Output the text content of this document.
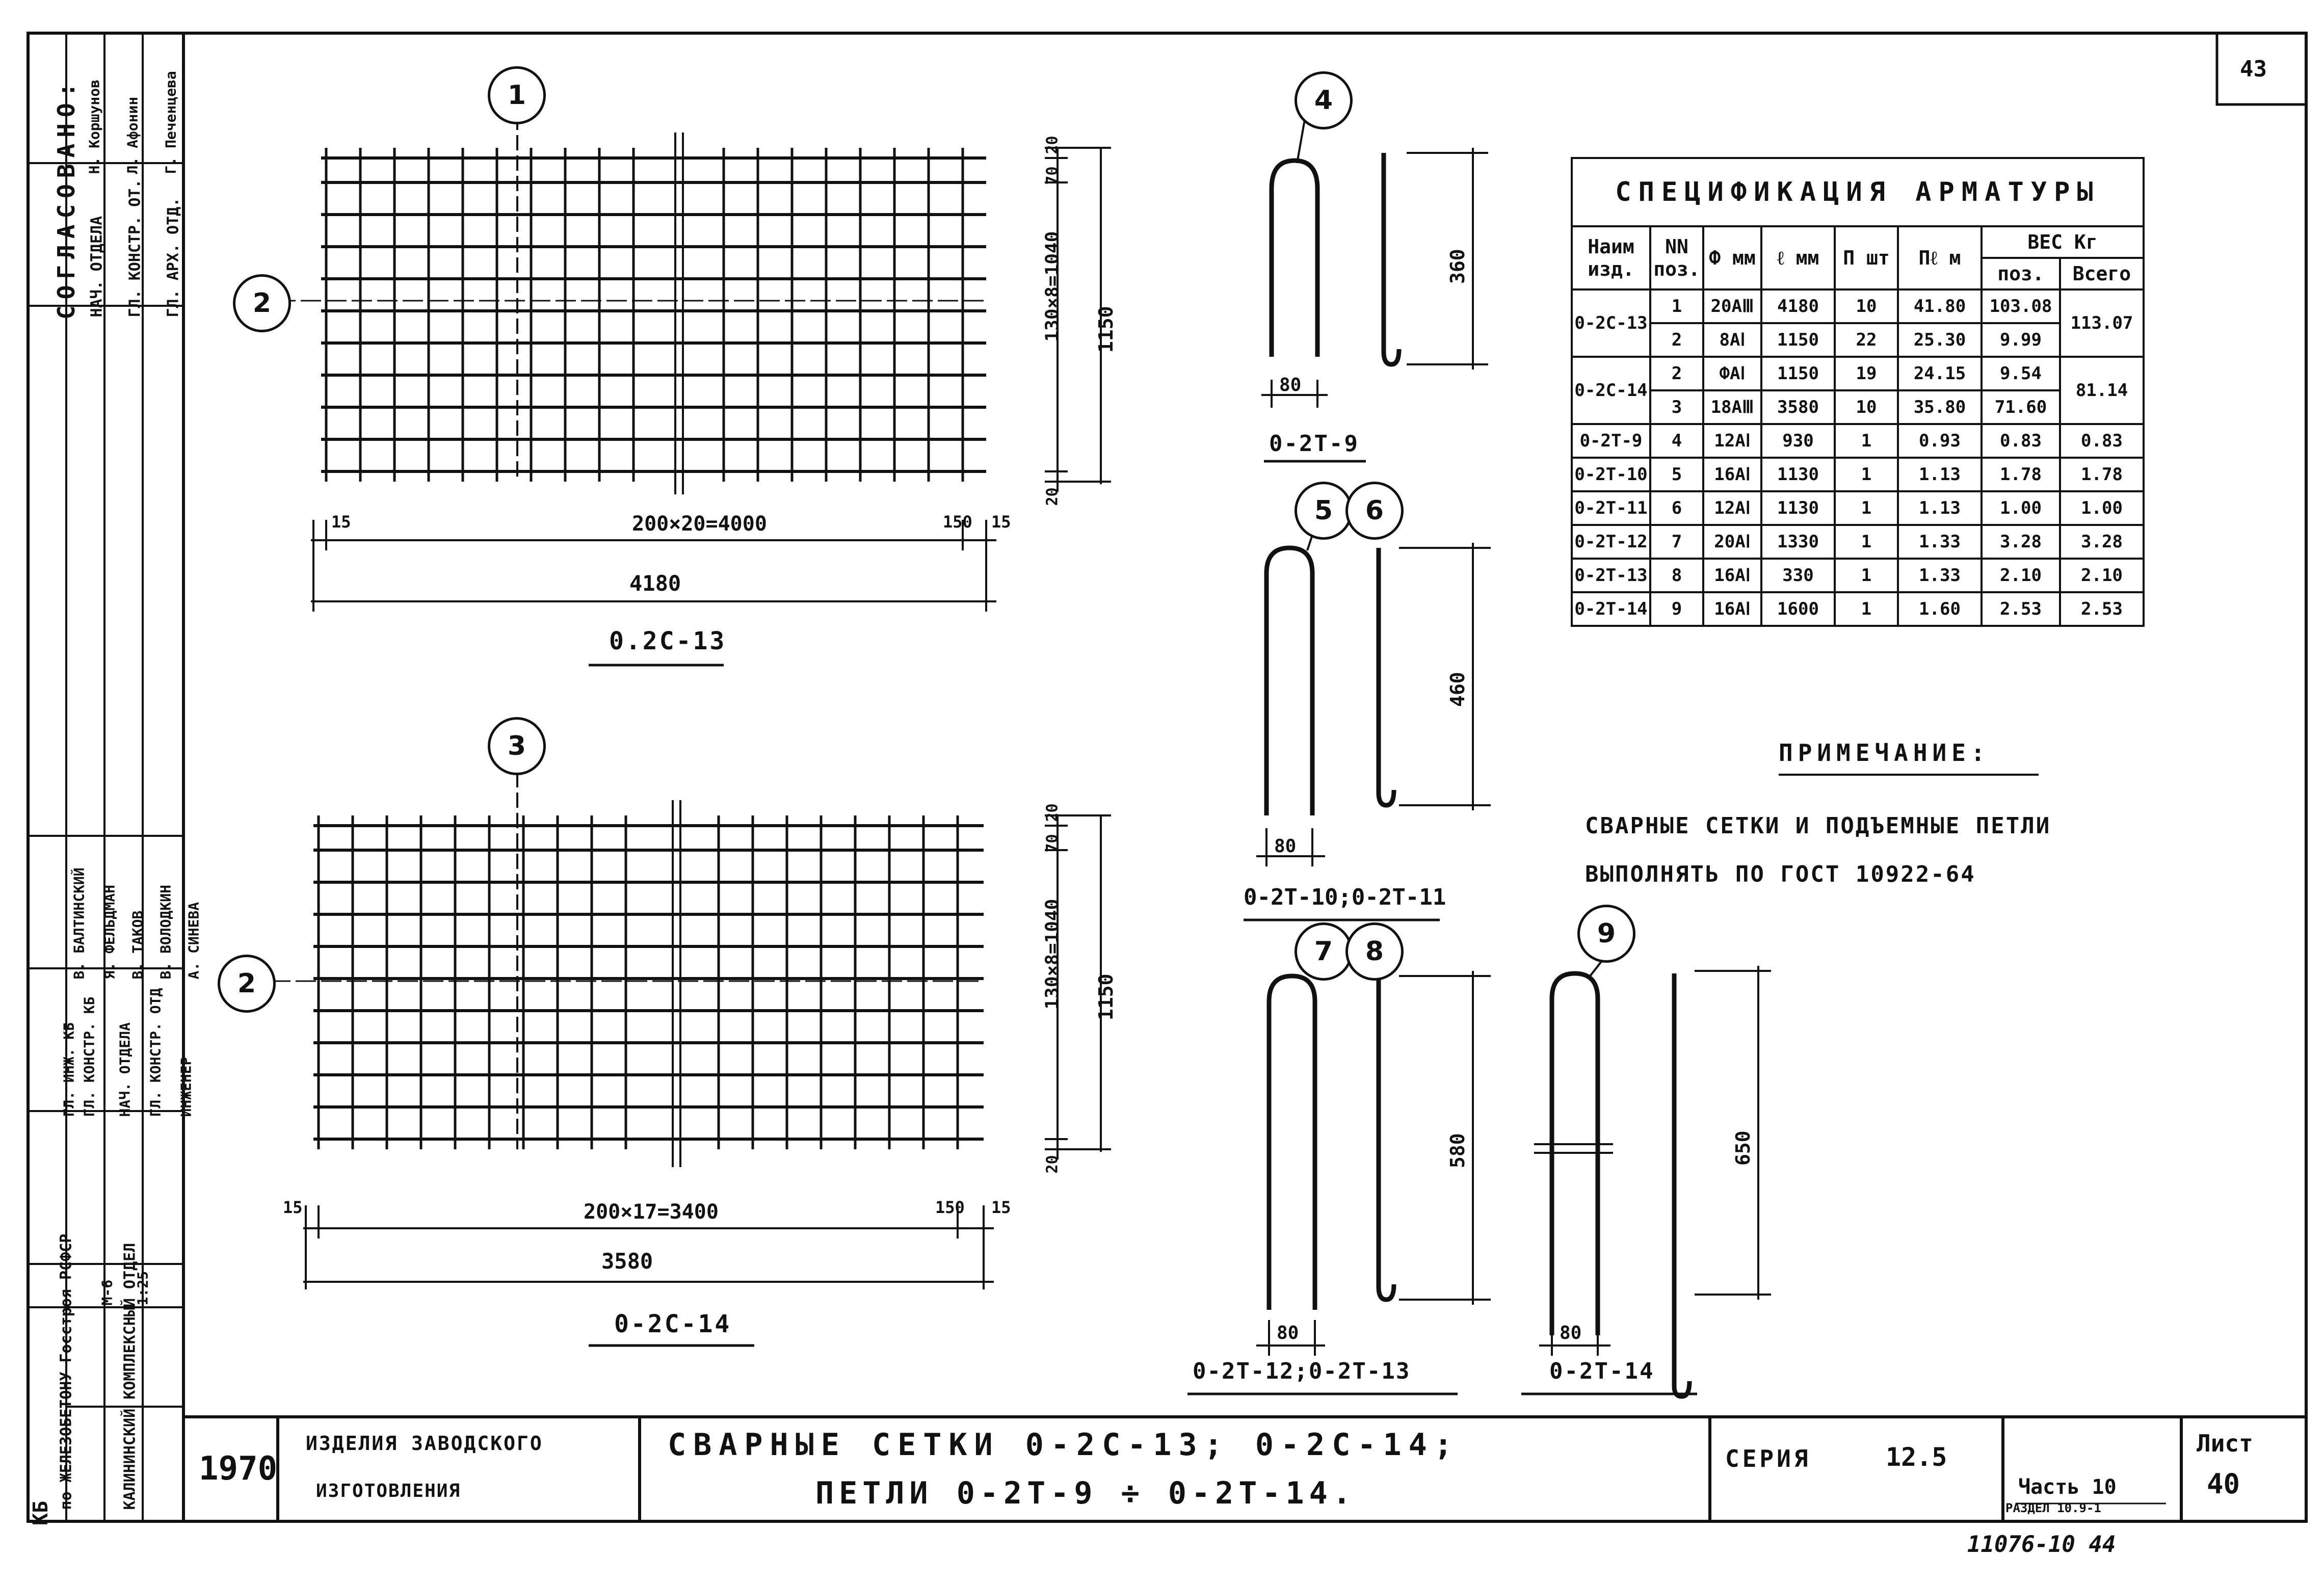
43
СПЕЦИФИКАЦИЯ АРМАТУРЫ							
Наим изд.	NN поз.	Ф мм	ℓ мм	П шт	Пℓ м	ВЕС Кг	
						поз.	Всего
0-2С-13	1	20АⅢ	4180	10	41.80	103.08	113.07
	2	8АⅠ	1150	22	25.30	9.99	
0-2С-14	2	ФАⅠ	1150	19	24.15	9.54	81.14
	3	18АⅢ	3580	10	35.80	71.60	
0-2Т-9	4	12АⅠ	930	1	0.93	0.83	0.83
0-2Т-10	5	16АⅠ	1130	1	1.13	1.78	1.78
0-2Т-11	6	12АⅠ	1130	1	1.13	1.00	1.00
0-2Т-12	7	20АⅠ	1330	1	1.33	3.28	3.28
0-2Т-13	8	16АⅠ	330	1	1.33	2.10	2.10
0-2Т-14	9	16АⅠ	1600	1	1.60	2.53	2.53
ПРИМЕЧАНИЕ:
СВАРНЫЕ СЕТКИ И ПОДЪЕМНЫЕ ПЕТЛИ
ВЫПОЛНЯТЬ ПО ГОСТ 10922-64
1
2
15	200×20=4000	150 15
4180
0.2С-13
20
70
130×8=1040
20
1150
3
2
15	200×17=3400	150 15
3580
0-2С-14
20
70
130×8=1040
20
1150
4
360
80
0-2Т-9
5	6
460
80
0-2Т-10;0-2Т-11
7	8
580
80
0-2Т-12;0-2Т-13
9
650
80
0-2Т-14
СОГЛАСОВАНО: НАЧ. ОТДЕЛА ГЛ. КОНСТР. ОТ. ГЛ. АРХ. ОТД.
Н. Коршунов Л. Афонин Г. Печенцева
ГЛ. ИНЖ. КБ ГЛ. КОНСТР. КБ НАЧ. ОТДЕЛА ГЛ. КОНСТР. ОТД ИНЖЕНЕР
В. БАЛТИНСКИЙ Я. ФЕЛЬДМАН В. ТАКОВ В. ВОЛОДКИН А. СИНЕВА
М-6 1:25
КБ
по ЖЕЛЕЗОБЕТОНУ Госстроя РСФСР	КАЛИНИНСКИЙ КОМПЛЕКСНЫЙ ОТДЕЛ 1970
ИЗДЕЛИЯ ЗАВОДСКОГО
ИЗГОТОВЛЕНИЯ
СВАРНЫЕ СЕТКИ 0-2С-13; 0-2С-14;
ПЕТЛИ 0-2Т-9 ÷ 0-2Т-14.
СЕРИЯ	12.5
Часть 10
РАЗДЕЛ 10.9-1
Лист
40
11076-10 44
